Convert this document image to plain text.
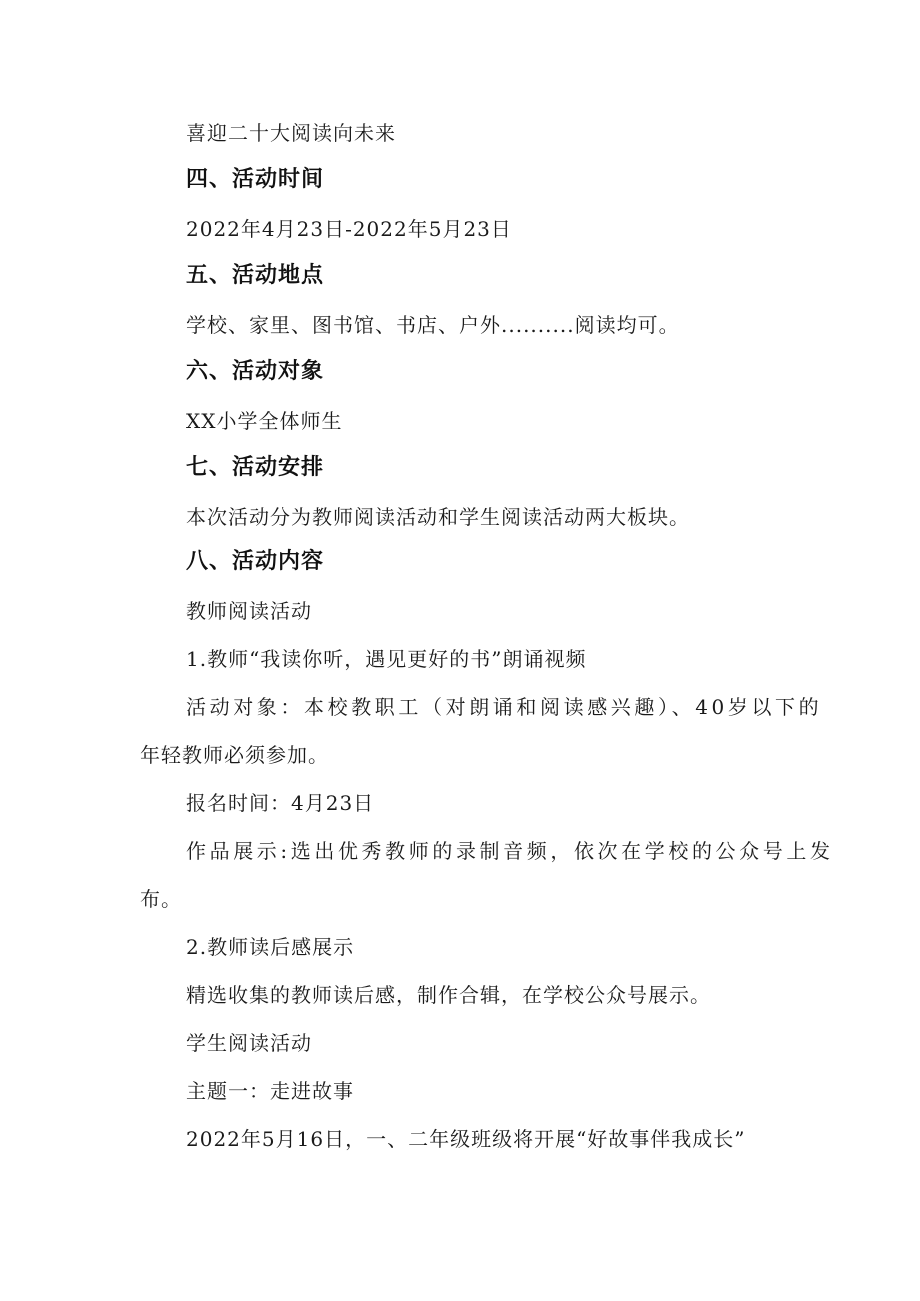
喜迎二十大阅读向未来
四、活动时间
2022年4月23日-2022年5月23日
五、活动地点
学校、家里、图书馆、书店、户外..........阅读均可。
六、活动对象
XX小学全体师生
七、活动安排
本次活动分为教师阅读活动和学生阅读活动两大板块。
八、活动内容
教师阅读活动
1.教师“我读你听，遇见更好的书”朗诵视频
活动对象：本校教职工（对朗诵和阅读感兴趣）、40岁以下的
年轻教师必须参加。
报名时间：4月23日
作品展示:选出优秀教师的录制音频，依次在学校的公众号上发
布。
2.教师读后感展示
精选收集的教师读后感，制作合辑，在学校公众号展示。
学生阅读活动
主题一：走进故事
2022年5月16日，一、二年级班级将开展“好故事伴我成长”
